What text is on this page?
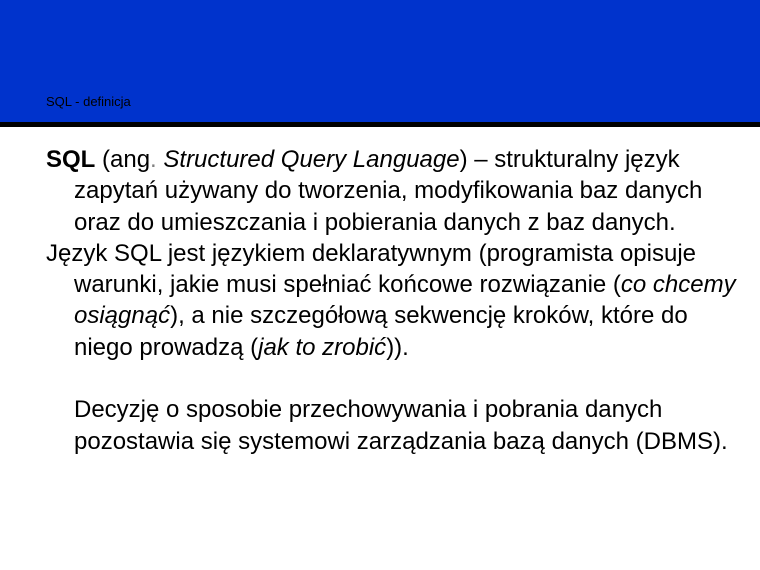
SQL - definicja

SQL (ang. Structured Query Language) – strukturalny język zapytań używany do tworzenia, modyfikowania baz danych oraz do umieszczania i pobierania danych z baz danych.

Język SQL jest językiem deklaratywnym (programista opisuje warunki, jakie musi spełniać końcowe rozwiązanie (co chcemy osiągnąć), a nie szczegółową sekwencję kroków, które do niego prowadzą (jak to zrobić)).

Decyzję o sposobie przechowywania i pobrania danych pozostawia się systemowi zarządzania bazą danych (DBMS).
